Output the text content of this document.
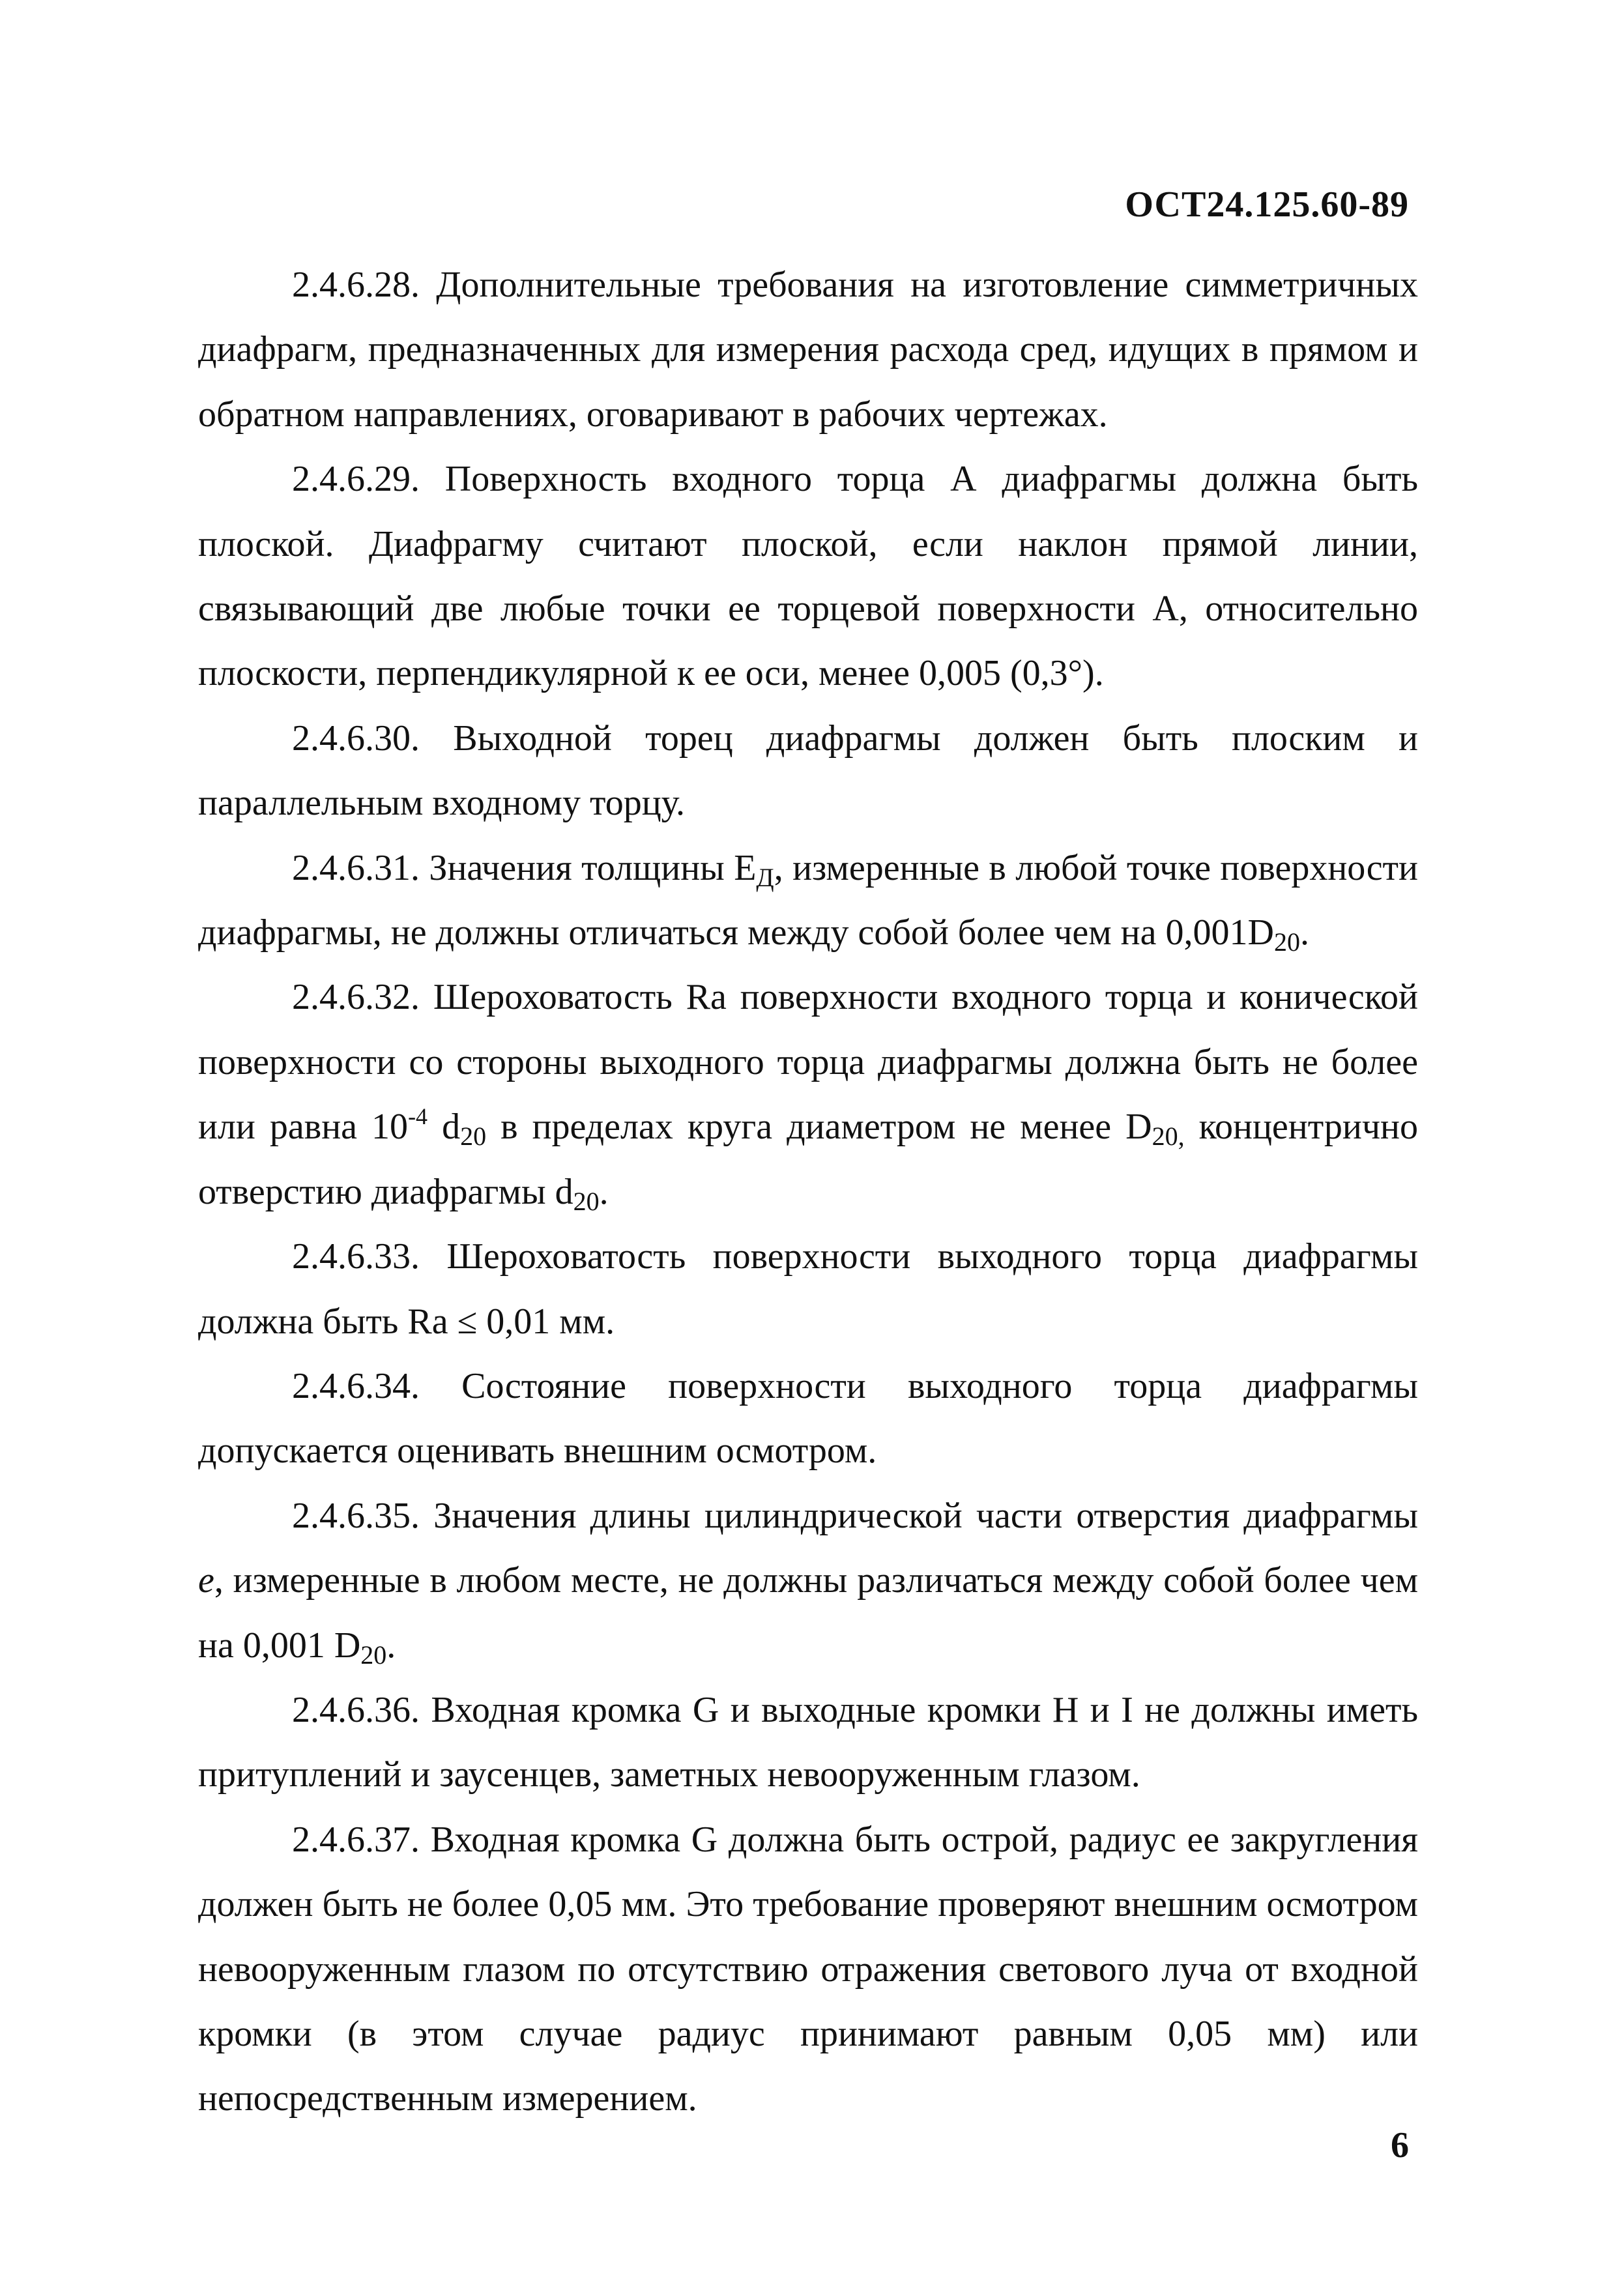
ОСТ24.125.60-89

2.4.6.28. Дополнительные требования на изготовление симметричных диафрагм, предназначенных для измерения расхода сред, идущих в прямом и обратном направлениях, оговаривают в рабочих чертежах.

2.4.6.29. Поверхность входного торца А диафрагмы должна быть плоской. Диафрагму считают плоской, если наклон прямой линии, связывающий две любые точки ее торцевой поверхности А, относительно плоскости, перпендикулярной к ее оси, менее 0,005 (0,3°).

2.4.6.30. Выходной торец диафрагмы должен быть плоским и параллельным входному торцу.

2.4.6.31. Значения толщины $E_Д$, измеренные в любой точке поверхности диафрагмы, не должны отличаться между собой более чем на $0,001D_{20}$.

2.4.6.32. Шероховатость Ra поверхности входного торца и конической поверхности со стороны выходного торца диафрагмы должна быть не более или равна $10^{-4}$ $d_{20}$ в пределах круга диаметром не менее $D_{20,}$ концентрично отверстию диафрагмы $d_{20}$.

2.4.6.33. Шероховатость поверхности выходного торца диафрагмы должна быть Ra ≤ 0,01 мм.

2.4.6.34. Состояние поверхности выходного торца диафрагмы допускается оценивать внешним осмотром.

2.4.6.35. Значения длины цилиндрической части отверстия диафрагмы e, измеренные в любом месте, не должны различаться между собой более чем на 0,001 $D_{20}$.

2.4.6.36. Входная кромка G и выходные кромки H и I не должны иметь притуплений и заусенцев, заметных невооруженным глазом.

2.4.6.37. Входная кромка G должна быть острой, радиус ее закругления должен быть не более 0,05 мм. Это требование проверяют внешним осмотром невооруженным глазом по отсутствию отражения светового луча от входной кромки (в этом случае радиус принимают равным 0,05 мм) или непосредственным измерением.

6
